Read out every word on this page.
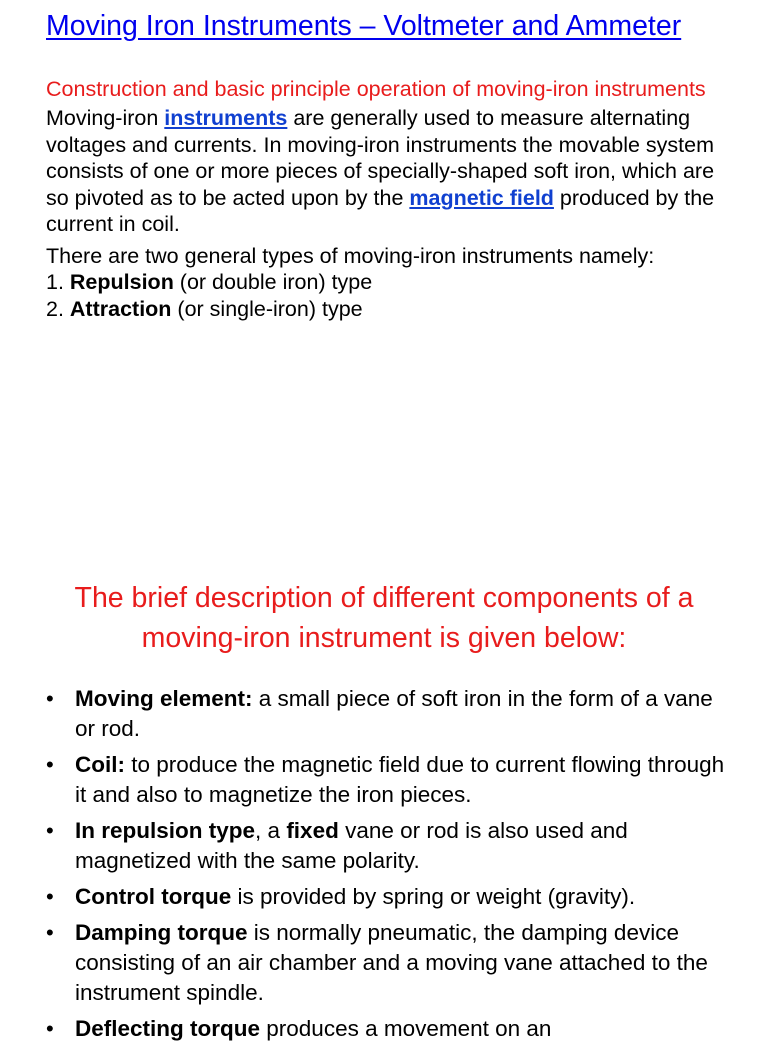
Moving Iron Instruments – Voltmeter and Ammeter
Construction and basic principle operation of moving-iron instruments
Moving-iron instruments are generally used to measure alternating voltages and currents. In moving-iron instruments the movable system consists of one or more pieces of specially-shaped soft iron, which are so pivoted as to be acted upon by the magnetic field produced by the current in coil.
There are two general types of moving-iron instruments namely:
1. Repulsion (or double iron) type
2. Attraction (or single-iron) type
The brief description of different components of a moving-iron instrument is given below:
• Moving element: a small piece of soft iron in the form of a vane or rod.
• Coil: to produce the magnetic field due to current flowing through it and also to magnetize the iron pieces.
• In repulsion type, a fixed vane or rod is also used and magnetized with the same polarity.
• Control torque is provided by spring or weight (gravity).
• Damping torque is normally pneumatic, the damping device consisting of an air chamber and a moving vane attached to the instrument spindle.
• Deflecting torque produces a movement on an
